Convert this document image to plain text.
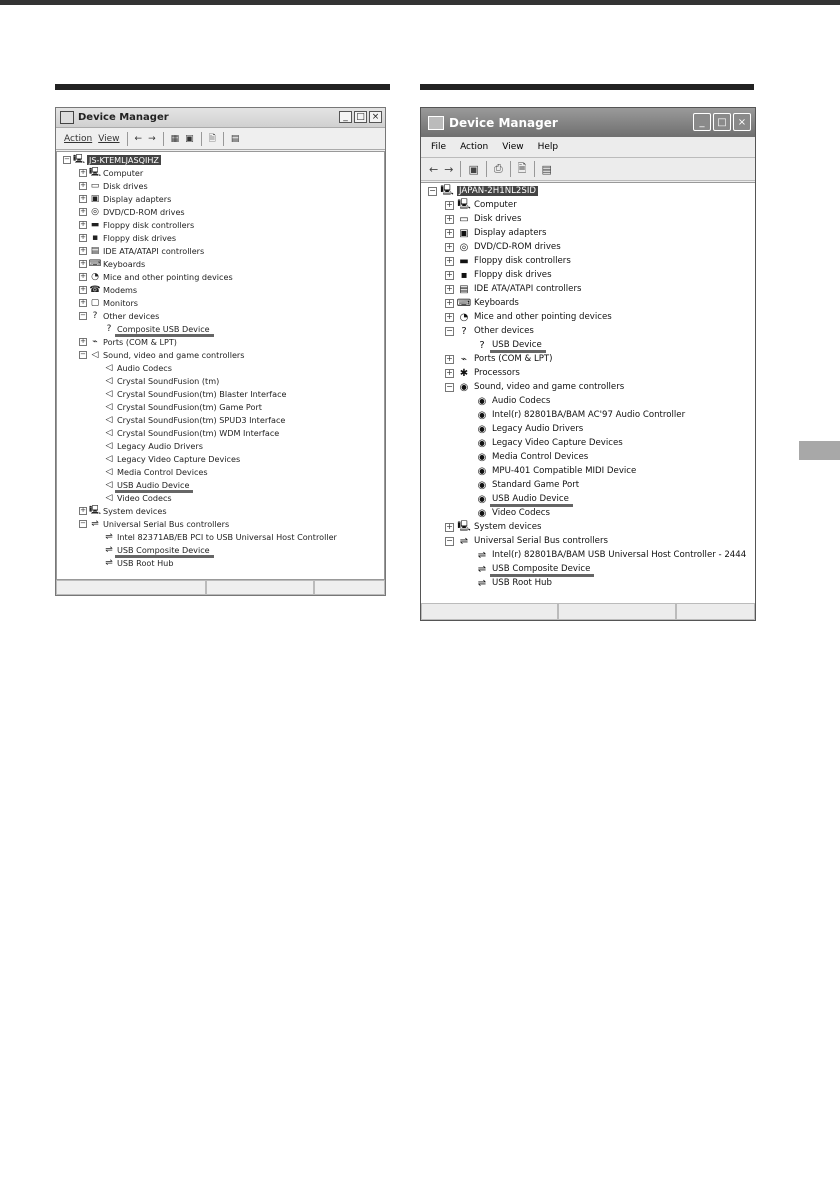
Device Manager	_ □ ×
Action View	← →	▦ ▣	🗎	▤
− 🖳 JS-KTEMLJASQIHZ
+ 🖳 Computer
+ ▭ Disk drives
+ ▣ Display adapters
+ ◎ DVD/CD-ROM drives
+ ▬ Floppy disk controllers
+ ▪ Floppy disk drives
+ ▤ IDE ATA/ATAPI controllers
+ ⌨ Keyboards
+ ◔ Mice and other pointing devices
+ ☎ Modems
+ ▢ Monitors
− ? Other devices
? Composite USB Device
+ ⌁ Ports (COM & LPT)
− ◁ Sound, video and game controllers
◁ Audio Codecs
◁ Crystal SoundFusion (tm)
◁ Crystal SoundFusion(tm) Blaster Interface
◁ Crystal SoundFusion(tm) Game Port
◁ Crystal SoundFusion(tm) SPUD3 Interface
◁ Crystal SoundFusion(tm) WDM Interface
◁ Legacy Audio Drivers
◁ Legacy Video Capture Devices
◁ Media Control Devices
◁ USB Audio Device
◁ Video Codecs
+ 🖳 System devices
− ⇌ Universal Serial Bus controllers
⇌ Intel 82371AB/EB PCI to USB Universal Host Controller
⇌ USB Composite Device
⇌ USB Root Hub
Device Manager	_	□	×
File	Action	View	Help
← → ▣ ⎙ 🗎 ▤
− 🖳 JAPAN-2H1NL2SID
+ 🖳 Computer
+ ▭ Disk drives
+ ▣ Display adapters
+ ◎ DVD/CD-ROM drives
+ ▬ Floppy disk controllers
+ ▪ Floppy disk drives
+ ▤ IDE ATA/ATAPI controllers
+ ⌨ Keyboards
+ ◔ Mice and other pointing devices
− ? Other devices
? USB Device
+ ⌁ Ports (COM & LPT)
+ ✱ Processors
− ◉ Sound, video and game controllers
◉ Audio Codecs
◉ Intel(r) 82801BA/BAM AC'97 Audio Controller
◉ Legacy Audio Drivers
◉ Legacy Video Capture Devices
◉ Media Control Devices
◉ MPU-401 Compatible MIDI Device
◉ Standard Game Port
◉ USB Audio Device
◉ Video Codecs
+ 🖳 System devices
− ⇌ Universal Serial Bus controllers
⇌ Intel(r) 82801BA/BAM USB Universal Host Controller - 2444
⇌ USB Composite Device
⇌ USB Root Hub
